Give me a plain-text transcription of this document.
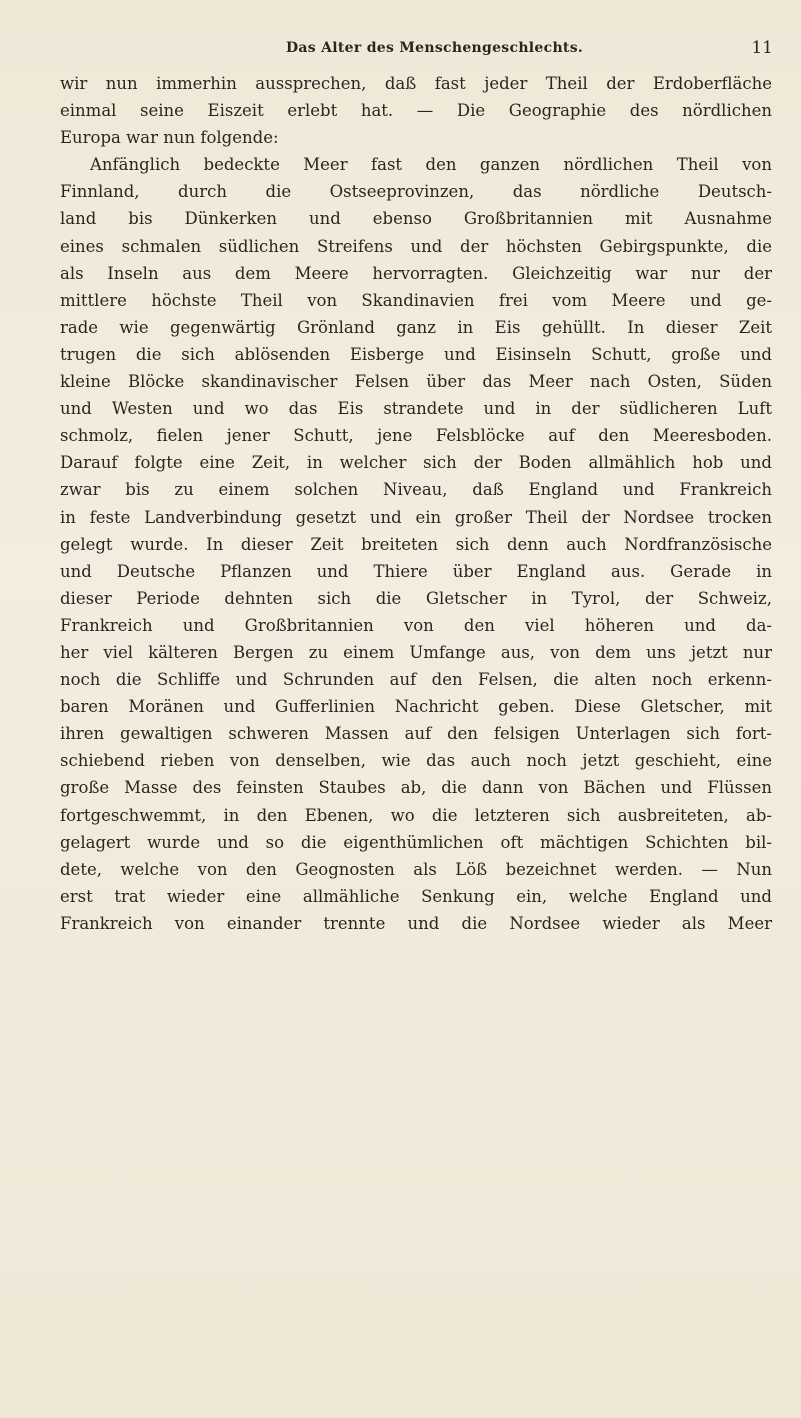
Das Alter des Menschengeschlechts.	11
wir nun immerhin aussprechen, daß fast jeder Theil der Erdoberfläche
einmal seine Eiszeit erlebt hat. — Die Geographie des nördlichen
Europa war nun folgende:
Anfänglich bedeckte Meer fast den ganzen nördlichen Theil von
Finnland, durch die Ostseeprovinzen, das nördliche Deutsch-
land bis Dünkerken und ebenso Großbritannien mit Ausnahme
eines schmalen südlichen Streifens und der höchsten Gebirgspunkte, die
als Inseln aus dem Meere hervorragten. Gleichzeitig war nur der
mittlere höchste Theil von Skandinavien frei vom Meere und ge-
rade wie gegenwärtig Grönland ganz in Eis gehüllt. In dieser Zeit
trugen die sich ablösenden Eisberge und Eisinseln Schutt, große und
kleine Blöcke skandinavischer Felsen über das Meer nach Osten, Süden
und Westen und wo das Eis strandete und in der südlicheren Luft
schmolz, fielen jener Schutt, jene Felsblöcke auf den Meeresboden.
Darauf folgte eine Zeit, in welcher sich der Boden allmählich hob und
zwar bis zu einem solchen Niveau, daß England und Frankreich
in feste Landverbindung gesetzt und ein großer Theil der Nordsee trocken
gelegt wurde. In dieser Zeit breiteten sich denn auch Nordfranzösische
und Deutsche Pflanzen und Thiere über England aus. Gerade in
dieser Periode dehnten sich die Gletscher in Tyrol, der Schweiz,
Frankreich und Großbritannien von den viel höheren und da-
her viel kälteren Bergen zu einem Umfange aus, von dem uns jetzt nur
noch die Schliffe und Schrunden auf den Felsen, die alten noch erkenn-
baren Moränen und Gufferlinien Nachricht geben. Diese Gletscher, mit
ihren gewaltigen schweren Massen auf den felsigen Unterlagen sich fort-
schiebend rieben von denselben, wie das auch noch jetzt geschieht, eine
große Masse des feinsten Staubes ab, die dann von Bächen und Flüssen
fortgeschwemmt, in den Ebenen, wo die letzteren sich ausbreiteten, ab-
gelagert wurde und so die eigenthümlichen oft mächtigen Schichten bil-
dete, welche von den Geognosten als Löß bezeichnet werden. — Nun
erst trat wieder eine allmähliche Senkung ein, welche England und
Frankreich von einander trennte und die Nordsee wieder als Meer
